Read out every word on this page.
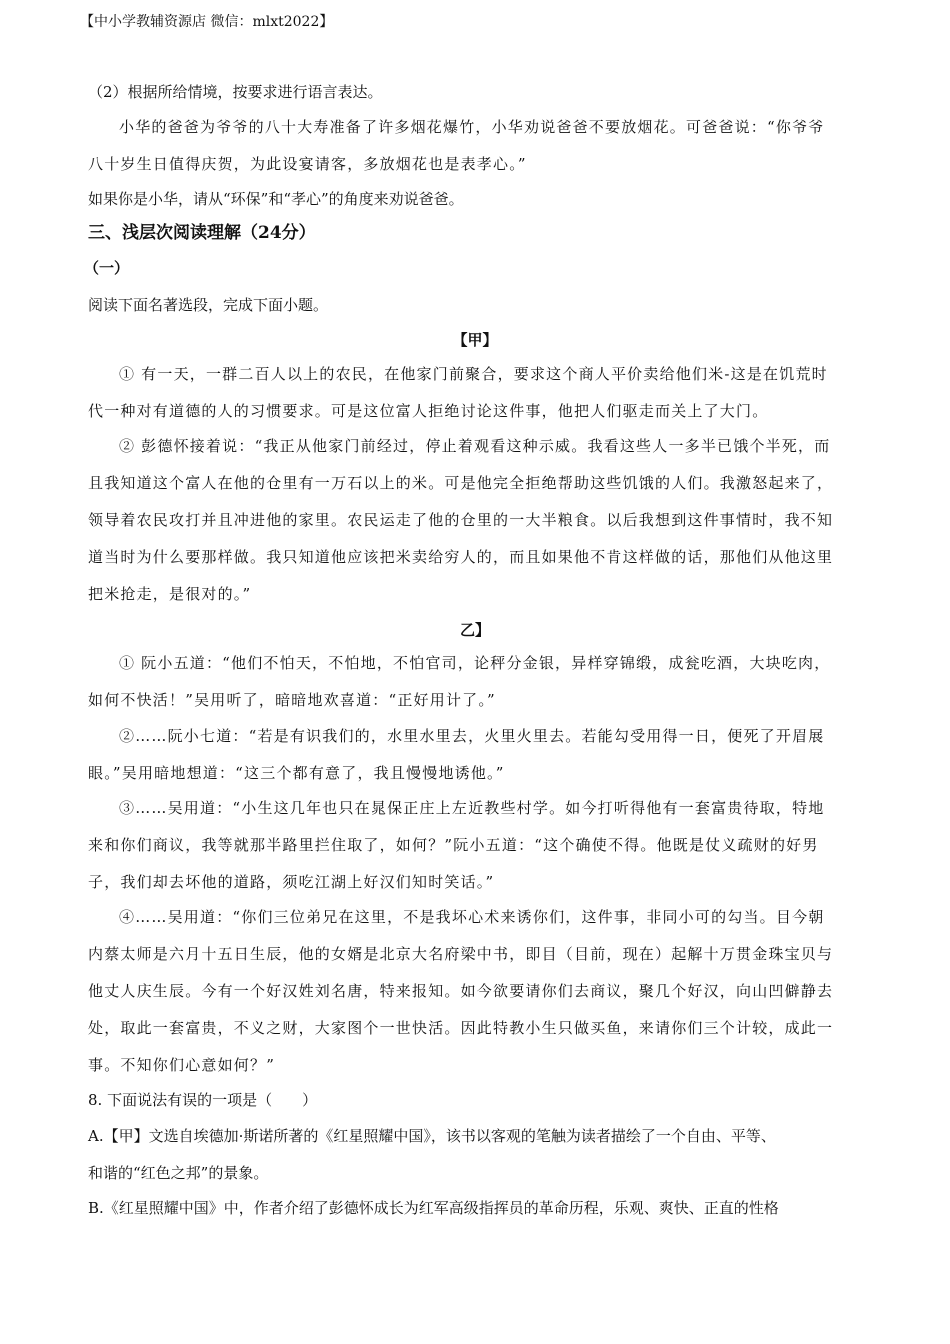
【中小学教辅资源店 微信：mlxt2022】
（2）根据所给情境，按要求进行语言表达。
小华的爸爸为爷爷的八十大寿准备了许多烟花爆竹，小华劝说爸爸不要放烟花。可爸爸说：“你爷爷
八十岁生日值得庆贺，为此设宴请客，多放烟花也是表孝心。”
如果你是小华，请从“环保”和“孝心”的角度来劝说爸爸。
三、浅层次阅读理解（24分）
（一）
阅读下面名著选段，完成下面小题。
【甲】
① 有一天，一群二百人以上的农民，在他家门前聚合，要求这个商人平价卖给他们米-这是在饥荒时
代一种对有道德的人的习惯要求。可是这位富人拒绝讨论这件事，他把人们驱走而关上了大门。
② 彭德怀接着说：“我正从他家门前经过，停止着观看这种示威。我看这些人一多半已饿个半死，而
且我知道这个富人在他的仓里有一万石以上的米。可是他完全拒绝帮助这些饥饿的人们。我激怒起来了，
领导着农民攻打并且冲进他的家里。农民运走了他的仓里的一大半粮食。以后我想到这件事情时，我不知
道当时为什么要那样做。我只知道他应该把米卖给穷人的，而且如果他不肯这样做的话，那他们从他这里
把米抢走，是很对的。”
乙】
① 阮小五道：“他们不怕天，不怕地，不怕官司，论秤分金银，异样穿锦缎，成瓮吃酒，大块吃肉，
如何不快活！”吴用听了，暗暗地欢喜道：“正好用计了。”
②……阮小七道：“若是有识我们的，水里水里去，火里火里去。若能勾受用得一日，便死了开眉展
眼。”吴用暗地想道：“这三个都有意了，我且慢慢地诱他。”
③……吴用道：“小生这几年也只在晁保正庄上左近教些村学。如今打听得他有一套富贵待取，特地
来和你们商议，我等就那半路里拦住取了，如何？”阮小五道：“这个确使不得。他既是仗义疏财的好男
子，我们却去坏他的道路，须吃江湖上好汉们知时笑话。”
④……吴用道：“你们三位弟兄在这里，不是我坏心术来诱你们，这件事，非同小可的勾当。目今朝
内蔡太师是六月十五日生辰，他的女婿是北京大名府梁中书，即目（目前，现在）起解十万贯金珠宝贝与
他丈人庆生辰。今有一个好汉姓刘名唐，特来报知。如今欲要请你们去商议，聚几个好汉，向山凹僻静去
处，取此一套富贵，不义之财，大家图个一世快活。因此特教小生只做买鱼，来请你们三个计较，成此一
事。不知你们心意如何？”
8. 下面说法有误的一项是（　　）
A.【甲】文选自埃德加·斯诺所著的《红星照耀中国》，该书以客观的笔触为读者描绘了一个自由、平等、
和谐的“红色之邦”的景象。
B.《红星照耀中国》中，作者介绍了彭德怀成长为红军高级指挥员的革命历程，乐观、爽快、正直的性格
